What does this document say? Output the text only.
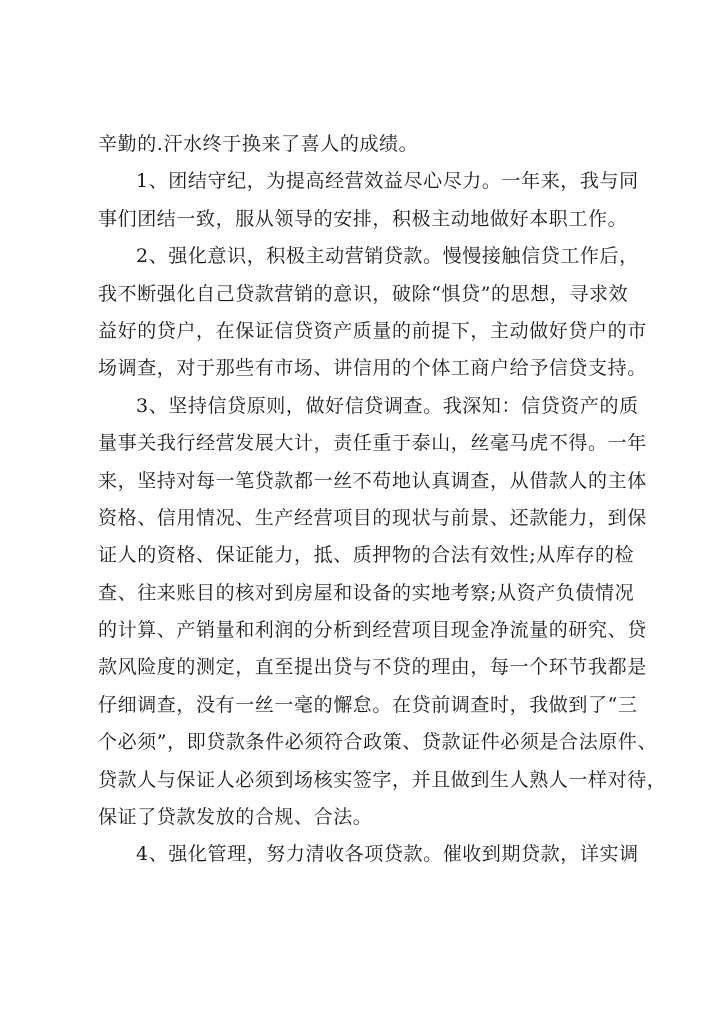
辛勤的.汗水终于换来了喜人的成绩。
1、团结守纪，为提高经营效益尽心尽力。一年来，我与同
事们团结一致，服从领导的安排，积极主动地做好本职工作。
2、强化意识，积极主动营销贷款。慢慢接触信贷工作后，
我不断强化自己贷款营销的意识，破除“惧贷”的思想，寻求效
益好的贷户，在保证信贷资产质量的前提下，主动做好贷户的市
场调查，对于那些有市场、讲信用的个体工商户给予信贷支持。
3、坚持信贷原则，做好信贷调查。我深知：信贷资产的质
量事关我行经营发展大计，责任重于泰山，丝毫马虎不得。一年
来，坚持对每一笔贷款都一丝不苟地认真调查，从借款人的主体
资格、信用情况、生产经营项目的现状与前景、还款能力，到保
证人的资格、保证能力，抵、质押物的合法有效性;从库存的检
查、往来账目的核对到房屋和设备的实地考察;从资产负债情况
的计算、产销量和利润的分析到经营项目现金净流量的研究、贷
款风险度的测定，直至提出贷与不贷的理由，每一个环节我都是
仔细调查，没有一丝一毫的懈怠。在贷前调查时，我做到了“三
个必须”，即贷款条件必须符合政策、贷款证件必须是合法原件、
贷款人与保证人必须到场核实签字，并且做到生人熟人一样对待，
保证了贷款发放的合规、合法。
4、强化管理，努力清收各项贷款。催收到期贷款，详实调
